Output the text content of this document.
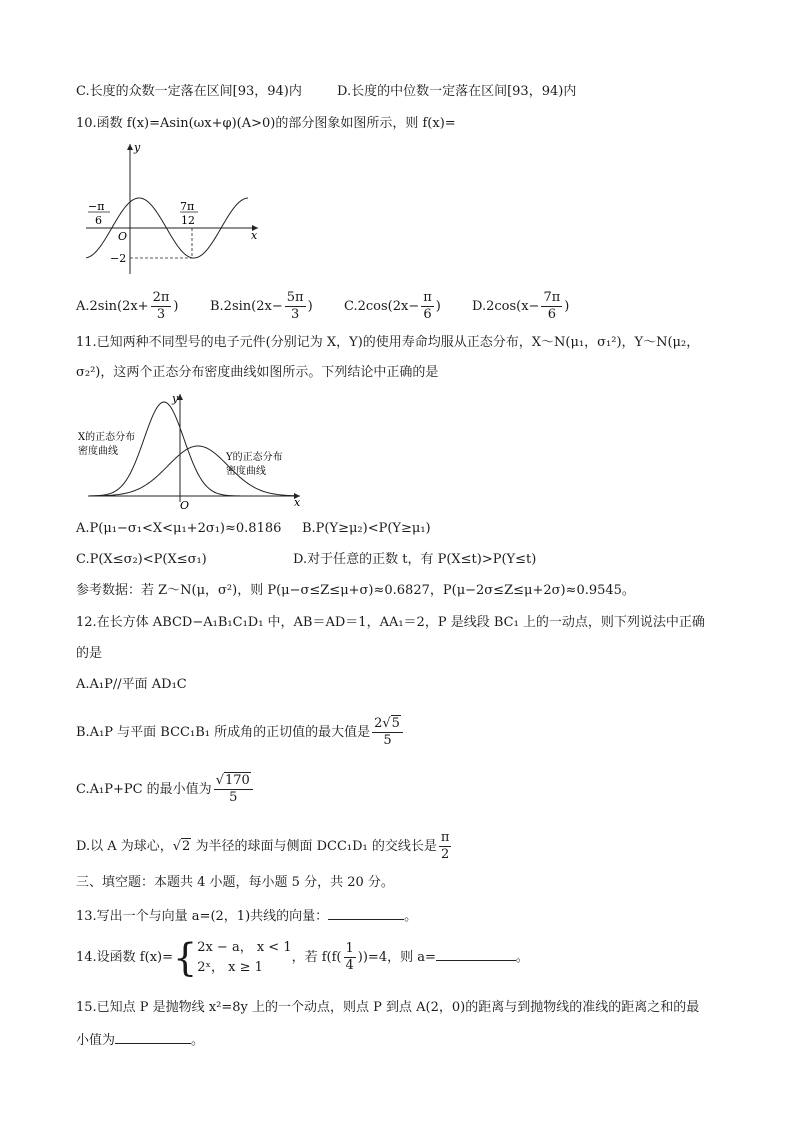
C.长度的众数一定落在区间[93，94)内	D.长度的中位数一定落在区间[93，94)内
10.函数 f(x)=Asin(ωx+φ)(A>0)的部分图象如图所示，则 f(x)=
y
x
O
−π
6
7π
12
−2
$A.2\sin(2x+ \frac{2\pi}{3}$ ) $B.2\sin(2x- \frac{5\pi}{3}$ ) $C.2\cos(2x- \frac{\pi}{6}$ ) $D.2\cos(x- \frac{7\pi}{6}$ )
11.已知两种不同型号的电子元件(分别记为 X，Y)的使用寿命均服从正态分布，X～N(μ₁，σ₁²)，Y～N(μ₂，
σ₂²)，这两个正态分布密度曲线如图所示。下列结论中正确的是
y
x
O
X的正态分布
密度曲线
Y的正态分布
密度曲线
A.P(μ₁−σ₁<X<μ₁+2σ₁)≈0.8186 B.P(Y≥μ₂)<P(Y≥μ₁)
C.P(X≤σ₂)<P(X≤σ₁)	D.对于任意的正数 t，有 P(X≤t)>P(Y≤t)
参考数据：若 Z～N(μ，σ²)，则 P(μ−σ≤Z≤μ+σ)≈0.6827，P(μ−2σ≤Z≤μ+2σ)≈0.9545。
12.在长方体 ABCD−A₁B₁C₁D₁ 中，AB＝AD＝1，AA₁＝2，P 是线段 BC₁ 上的一动点，则下列说法中正确
的是
A.A₁P//平面 AD₁C
B.A₁P 与平面 BCC₁B₁ 所成角的正切值的最大值是 $\frac{2√5}{5}$
C.A₁P+PC 的最小值为 $\frac{√170}{5}$
D.以 A 为球心，√2 为半径的球面与侧面 DCC₁D₁ 的交线长是 $\frac{\pi}{2}$
三、填空题：本题共 4 小题，每小题 5 分，共 20 分。
13.写出一个与向量 a=(2，1)共线的向量：	。
14.设函数 f(x)={ 2x − a， x < 1
2ˣ， x ≥ 1
，若 $f(f( \frac{1}{4} ))=4$，则 a=	。
15.已知点 P 是抛物线 x²=8y 上的一个动点，则点 P 到点 A(2，0)的距离与到抛物线的准线的距离之和的最
小值为	。
